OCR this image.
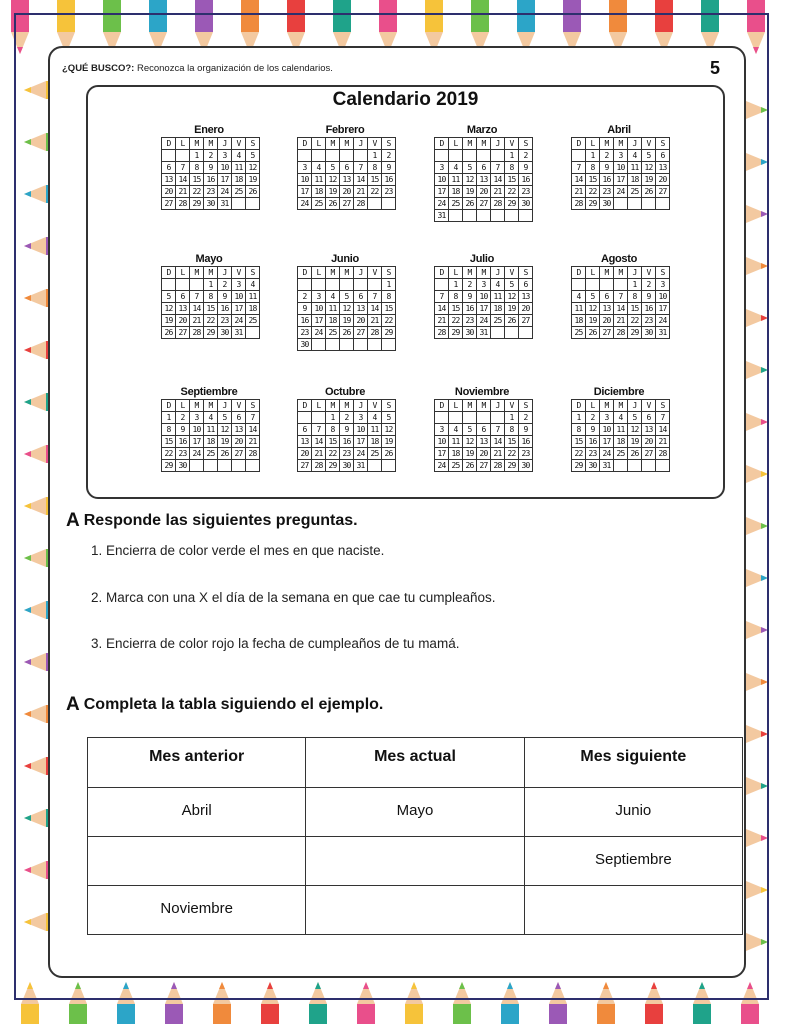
¿QUÉ BUSCO?: Reconozca la organización de los calendarios.	5
Calendario 2019
Enero
D	L	M	M	J	V	S
		1	2	3	4	5
6	7	8	9	10	11	12
13	14	15	16	17	18	19
20	21	22	23	24	25	26
27	28	29	30	31		
Febrero
D	L	M	M	J	V	S
					1	2
3	4	5	6	7	8	9
10	11	12	13	14	15	16
17	18	19	20	21	22	23
24	25	26	27	28		
Marzo
D	L	M	M	J	V	S
					1	2
3	4	5	6	7	8	9
10	11	12	13	14	15	16
17	18	19	20	21	22	23
24	25	26	27	28	29	30
31						
Abril
D	L	M	M	J	V	S
	1	2	3	4	5	6
7	8	9	10	11	12	13
14	15	16	17	18	19	20
21	22	23	24	25	26	27
28	29	30				
Mayo
D	L	M	M	J	V	S
			1	2	3	4
5	6	7	8	9	10	11
12	13	14	15	16	17	18
19	20	21	22	23	24	25
26	27	28	29	30	31	
Junio
D	L	M	M	J	V	S
						1
2	3	4	5	6	7	8
9	10	11	12	13	14	15
16	17	18	19	20	21	22
23	24	25	26	27	28	29
30						
Julio
D	L	M	M	J	V	S
	1	2	3	4	5	6
7	8	9	10	11	12	13
14	15	16	17	18	19	20
21	22	23	24	25	26	27
28	29	30	31			
Agosto
D	L	M	M	J	V	S
				1	2	3
4	5	6	7	8	9	10
11	12	13	14	15	16	17
18	19	20	21	22	23	24
25	26	27	28	29	30	31
Septiembre
D	L	M	M	J	V	S
1	2	3	4	5	6	7
8	9	10	11	12	13	14
15	16	17	18	19	20	21
22	23	24	25	26	27	28
29	30					
Octubre
D	L	M	M	J	V	S
		1	2	3	4	5
6	7	8	9	10	11	12
13	14	15	16	17	18	19
20	21	22	23	24	25	26
27	28	29	30	31		
Noviembre
D	L	M	M	J	V	S
					1	2
3	4	5	6	7	8	9
10	11	12	13	14	15	16
17	18	19	20	21	22	23
24	25	26	27	28	29	30
Diciembre
D	L	M	M	J	V	S
1	2	3	4	5	6	7
8	9	10	11	12	13	14
15	16	17	18	19	20	21
22	23	24	25	26	27	28
29	30	31				
A Responde las siguientes preguntas.
1. Encierra de color verde el mes en que naciste.
2. Marca con una X el día de la semana en que cae tu cumpleaños.
3. Encierra de color rojo la fecha de cumpleaños de tu mamá.
A Completa la tabla siguiendo el ejemplo.
Mes anterior	Mes actual	Mes siguiente
Abril	Mayo	Junio
		Septiembre
Noviembre		
